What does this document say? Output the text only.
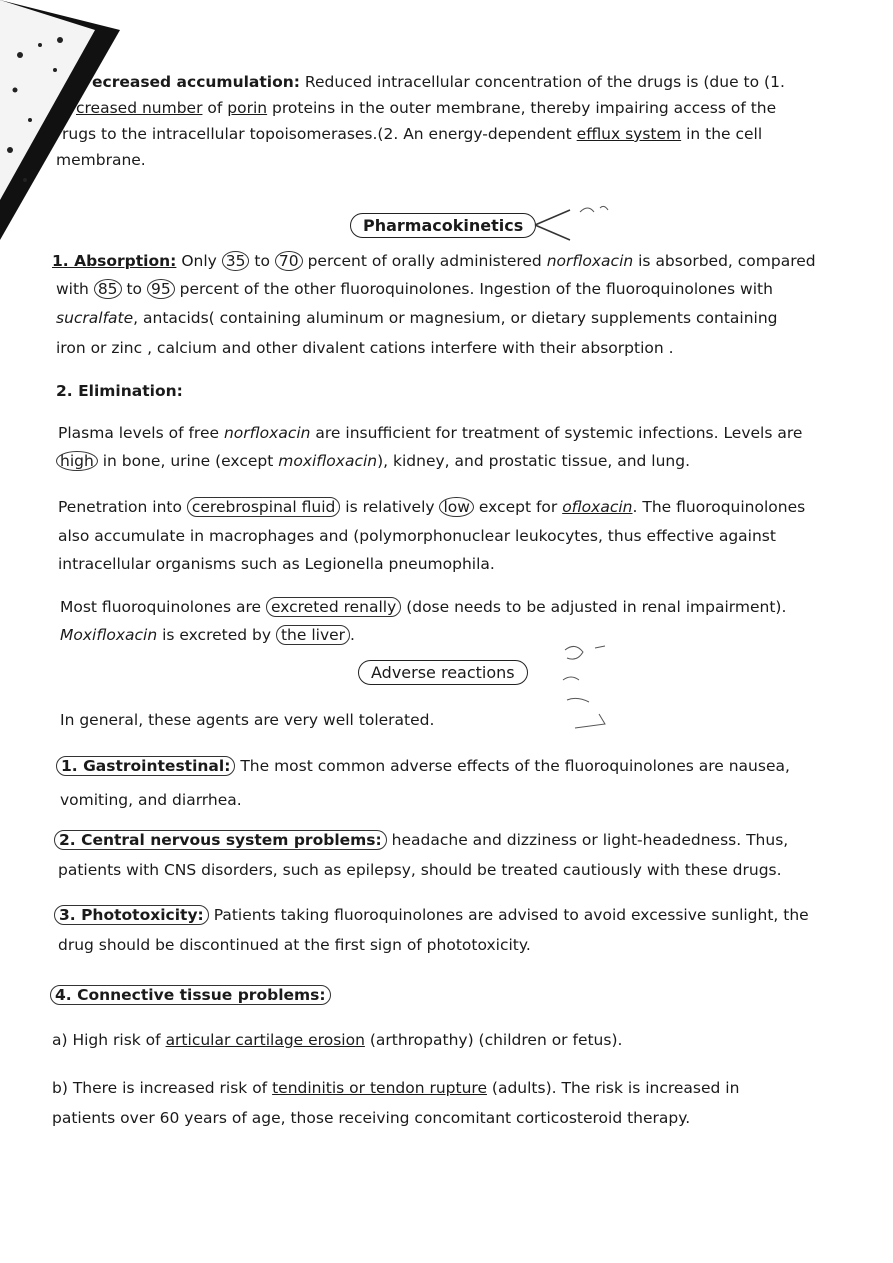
ecreased accumulation: Reduced intracellular concentration of the drugs is (due to (1.
creased number of porin proteins in the outer membrane, thereby impairing access of the
rugs to the intracellular topoisomerases.(2. An energy-dependent efflux system in the cell
membrane.
Pharmacokinetics
1. Absorption: Only 35 to 70 percent of orally administered norfloxacin is absorbed, compared
with 85 to 95 percent of the other fluoroquinolones. Ingestion of the fluoroquinolones with
sucralfate, antacids( containing aluminum or magnesium, or dietary supplements containing
iron or zinc , calcium and other divalent cations interfere with their absorption .
2. Elimination:
Plasma levels of free norfloxacin are insufficient for treatment of systemic infections. Levels are
high in bone, urine (except moxifloxacin), kidney, and prostatic tissue, and lung.
Penetration into cerebrospinal fluid is relatively low except for ofloxacin. The fluoroquinolones
also accumulate in macrophages and (polymorphonuclear leukocytes, thus effective against
intracellular organisms such as Legionella pneumophila.
Most fluoroquinolones are excreted renally (dose needs to be adjusted in renal impairment).
Moxifloxacin is excreted by the liver .
Adverse reactions
In general, these agents are very well tolerated.
1. Gastrointestinal: The most common adverse effects of the fluoroquinolones are nausea,
vomiting, and diarrhea.
2. Central nervous system problems: headache and dizziness or light-headedness. Thus,
patients with CNS disorders, such as epilepsy, should be treated cautiously with these drugs.
3. Phototoxicity: Patients taking fluoroquinolones are advised to avoid excessive sunlight, the
drug should be discontinued at the first sign of phototoxicity.
4. Connective tissue problems:
a) High risk of articular cartilage erosion (arthropathy) (children or fetus).
b) There is increased risk of tendinitis or tendon rupture (adults). The risk is increased in
patients over 60 years of age, those receiving concomitant corticosteroid therapy.
